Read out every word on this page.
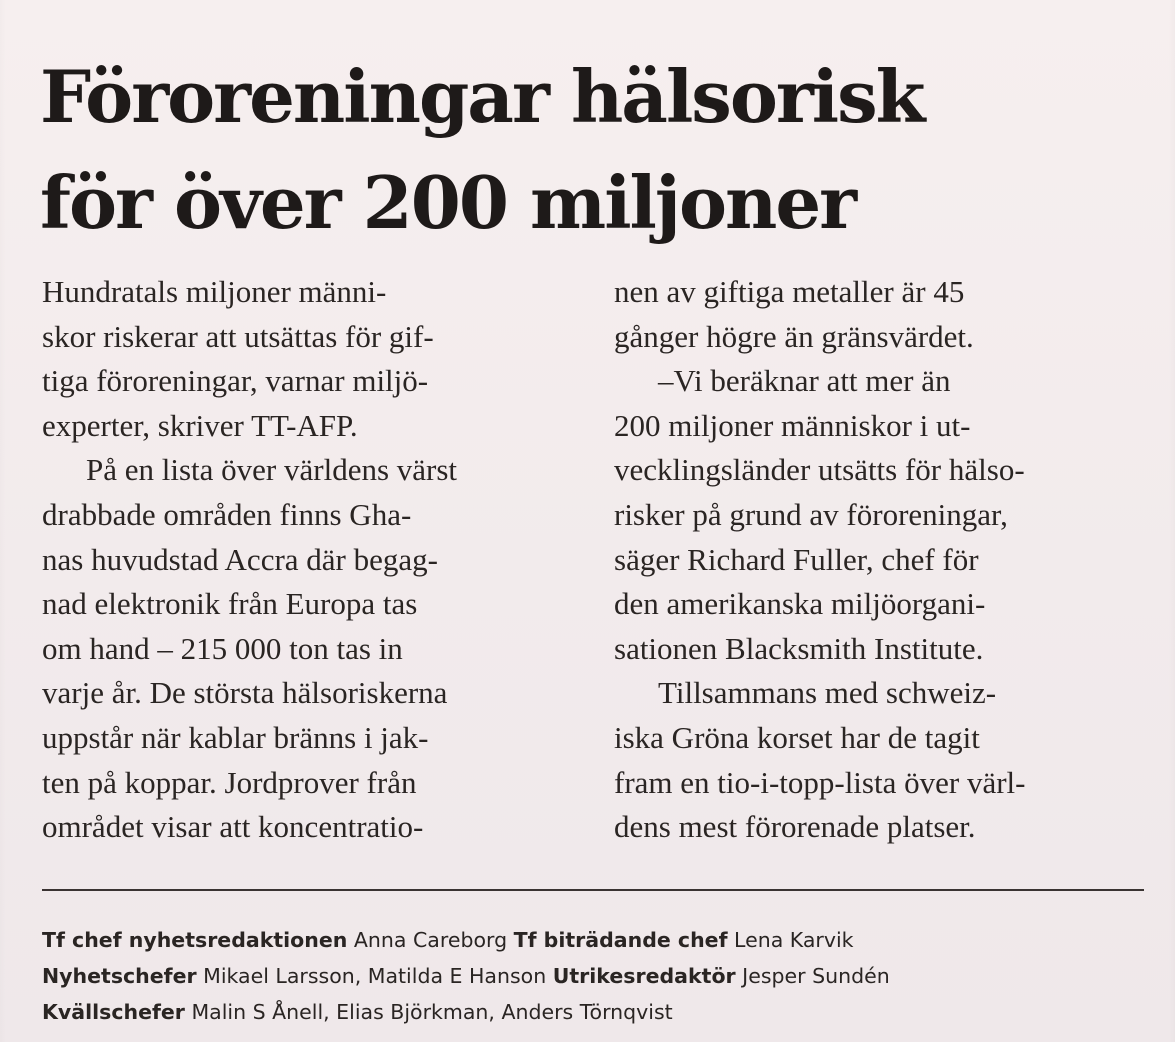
Föroreningar hälsorisk
för över 200 miljoner
Hundratals miljoner männi-
skor riskerar att utsättas för gif-
tiga föroreningar, varnar miljö-
experter, skriver TT-AFP.
På en lista över världens värst
drabbade områden finns Gha-
nas huvudstad Accra där begag-
nad elektronik från Europa tas
om hand – 215 000 ton tas in
varje år. De största hälsoriskerna
uppstår när kablar bränns i jak-
ten på koppar. Jordprover från
området visar att koncentratio-
nen av giftiga metaller är 45
gånger högre än gränsvärdet.
–Vi beräknar att mer än
200 miljoner människor i ut-
vecklingsländer utsätts för hälso-
risker på grund av föroreningar,
säger Richard Fuller, chef för
den amerikanska miljöorgani-
sationen Blacksmith Institute.
Tillsammans med schweiz-
iska Gröna korset har de tagit
fram en tio-i-topp-lista över värl-
dens mest förorenade platser.
Tf chef nyhetsredaktionen Anna Careborg Tf biträdande chef Lena Karvik
Nyhetschefer Mikael Larsson, Matilda E Hanson Utrikesredaktör Jesper Sundén
Kvällschefer Malin S Ånell, Elias Björkman, Anders Törnqvist
